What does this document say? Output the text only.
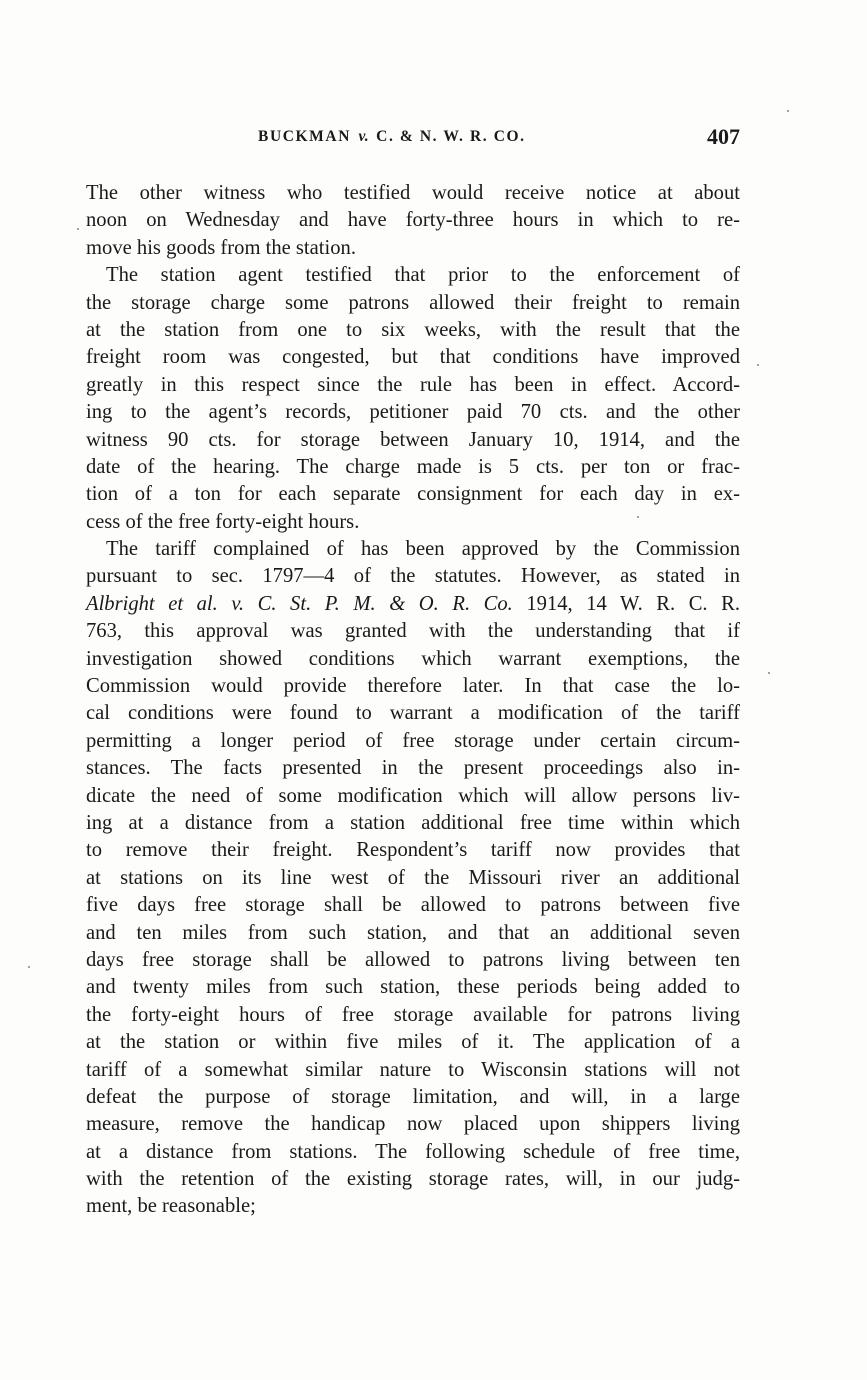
BUCKMAN v. C. & N. W. R. CO.	407
The other witness who testified would receive notice at about
noon on Wednesday and have forty-three hours in which to re-
move his goods from the station.
The station agent testified that prior to the enforcement of
the storage charge some patrons allowed their freight to remain
at the station from one to six weeks, with the result that the
freight room was congested, but that conditions have improved
greatly in this respect since the rule has been in effect. Accord-
ing to the agent’s records, petitioner paid 70 cts. and the other
witness 90 cts. for storage between January 10, 1914, and the
date of the hearing. The charge made is 5 cts. per ton or frac-
tion of a ton for each separate consignment for each day in ex-
cess of the free forty-eight hours.
The tariff complained of has been approved by the Commission
pursuant to sec. 1797—4 of the statutes. However, as stated in
Albright et al. v. C. St. P. M. & O. R. Co. 1914, 14 W. R. C. R.
763, this approval was granted with the understanding that if
investigation showed conditions which warrant exemptions, the
Commission would provide therefore later. In that case the lo-
cal conditions were found to warrant a modification of the tariff
permitting a longer period of free storage under certain circum-
stances. The facts presented in the present proceedings also in-
dicate the need of some modification which will allow persons liv-
ing at a distance from a station additional free time within which
to remove their freight. Respondent’s tariff now provides that
at stations on its line west of the Missouri river an additional
five days free storage shall be allowed to patrons between five
and ten miles from such station, and that an additional seven
days free storage shall be allowed to patrons living between ten
and twenty miles from such station, these periods being added to
the forty-eight hours of free storage available for patrons living
at the station or within five miles of it. The application of a
tariff of a somewhat similar nature to Wisconsin stations will not
defeat the purpose of storage limitation, and will, in a large
measure, remove the handicap now placed upon shippers living
at a distance from stations. The following schedule of free time,
with the retention of the existing storage rates, will, in our judg-
ment, be reasonable;
